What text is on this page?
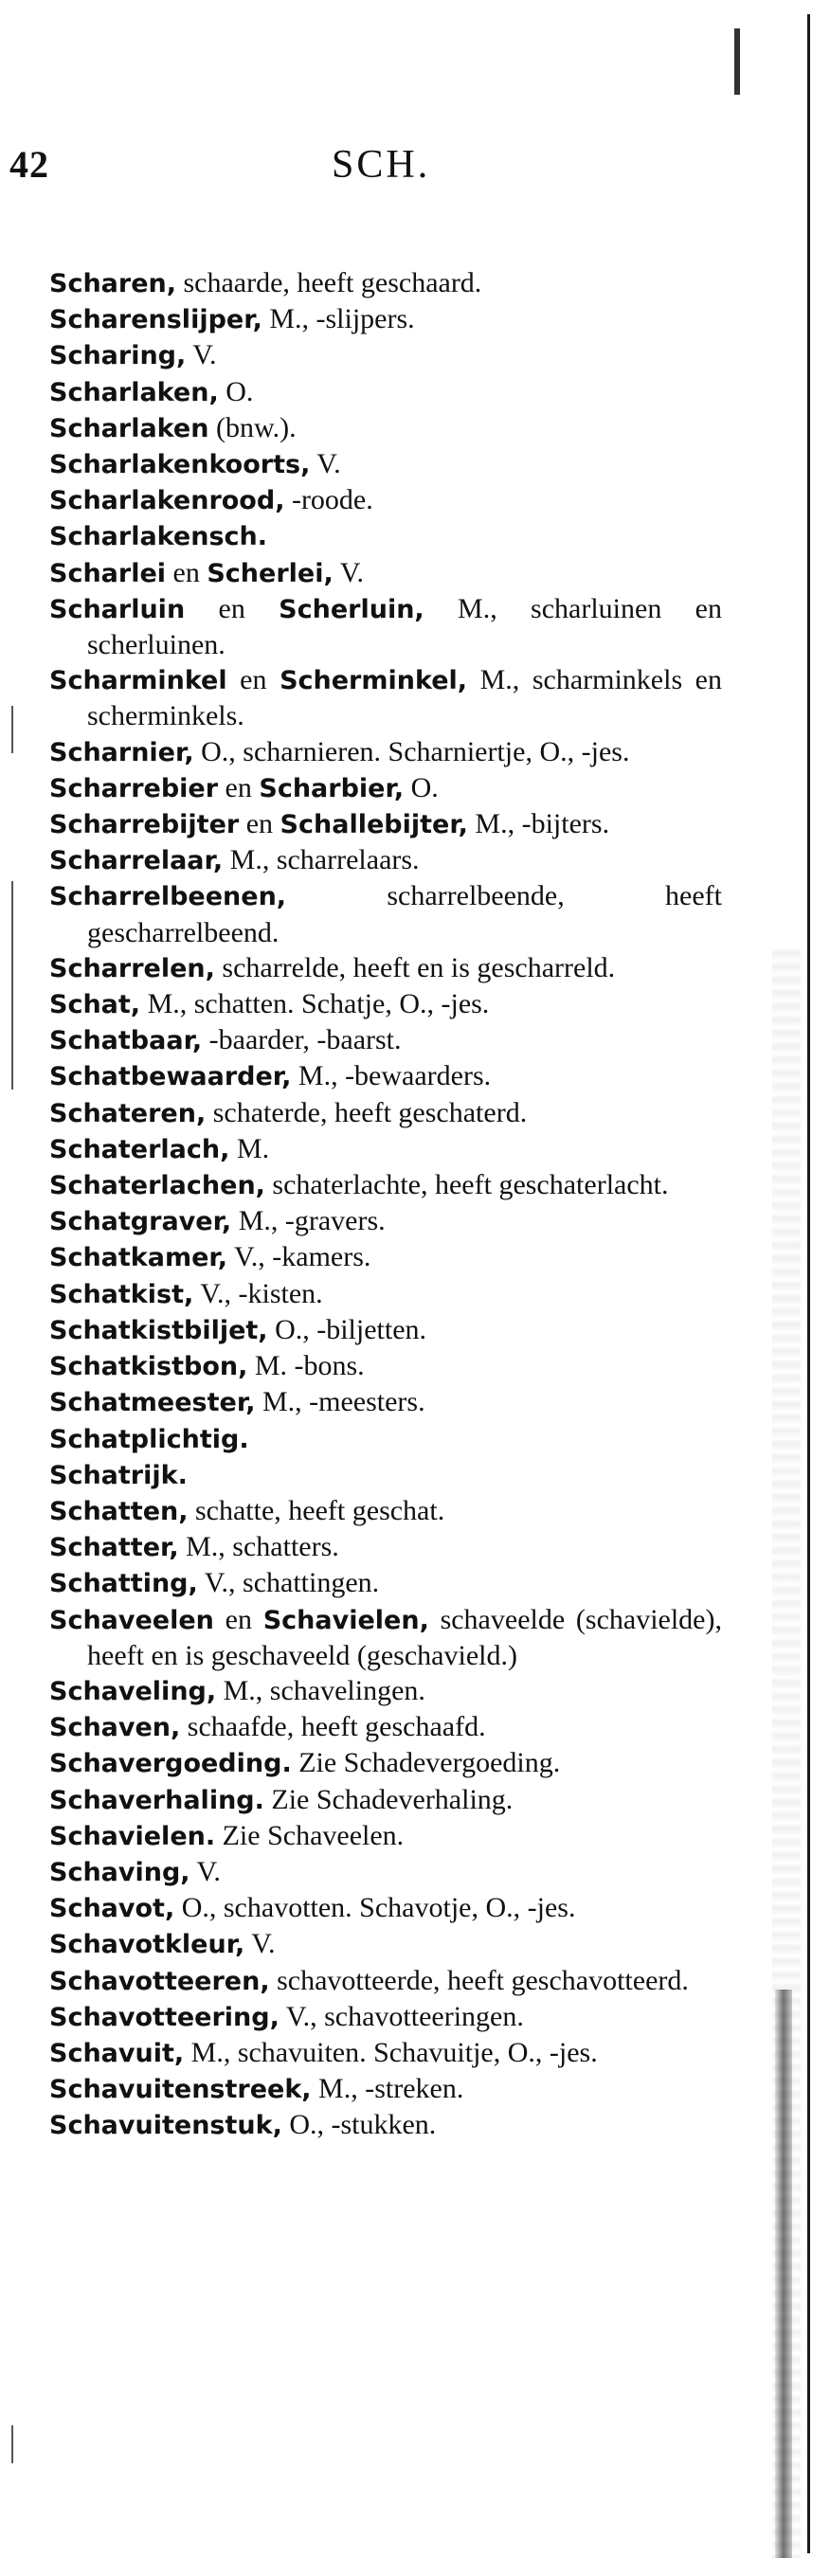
42	SCH.
Scharen, schaarde, heeft geschaard.
Scharenslijper, M., -slijpers.
Scharing, V.
Scharlaken, O.
Scharlaken (bnw.).
Scharlakenkoorts, V.
Scharlakenrood, -roode.
Scharlakensch.
Scharlei en Scherlei, V.
Scharluin en Scherluin, M., scharluinen en scherluinen.
Scharminkel en Scherminkel, M., scharminkels en scherminkels.
Scharnier, O., scharnieren. Scharniertje, O., -jes.
Scharrebier en Scharbier, O.
Scharrebijter en Schallebijter, M., -bijters.
Scharrelaar, M., scharrelaars.
Scharrelbeenen, scharrelbeende, heeft gescharrelbeend.
Scharrelen, scharrelde, heeft en is gescharreld.
Schat, M., schatten. Schatje, O., -jes.
Schatbaar, -baarder, -baarst.
Schatbewaarder, M., -bewaarders.
Schateren, schaterde, heeft geschaterd.
Schaterlach, M.
Schaterlachen, schaterlachte, heeft geschaterlacht.
Schatgraver, M., -gravers.
Schatkamer, V., -kamers.
Schatkist, V., -kisten.
Schatkistbiljet, O., -biljetten.
Schatkistbon, M. -bons.
Schatmeester, M., -meesters.
Schatplichtig.
Schatrijk.
Schatten, schatte, heeft geschat.
Schatter, M., schatters.
Schatting, V., schattingen.
Schaveelen en Schavielen, schaveelde (schavielde), heeft en is geschaveeld (geschavield.)
Schaveling, M., schavelingen.
Schaven, schaafde, heeft geschaafd.
Schavergoeding. Zie Schadevergoeding.
Schaverhaling. Zie Schadeverhaling.
Schavielen. Zie Schaveelen.
Schaving, V.
Schavot, O., schavotten. Schavotje, O., -jes.
Schavotkleur, V.
Schavotteeren, schavotteerde, heeft geschavotteerd.
Schavotteering, V., schavotteeringen.
Schavuit, M., schavuiten. Schavuitje, O., -jes.
Schavuitenstreek, M., -streken.
Schavuitenstuk, O., -stukken.
